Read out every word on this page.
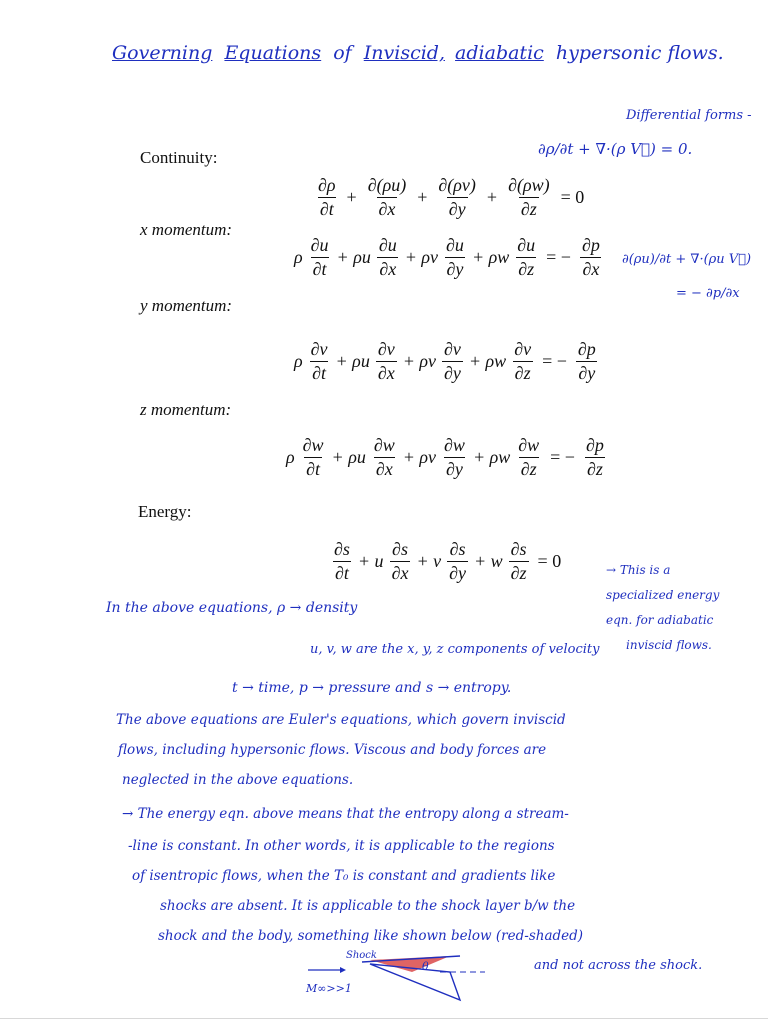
Governing Equations of Inviscid, adiabatic hypersonic flows.
Differential forms -
∂ρ/∂t + ∇·(ρ V⃗) = 0.
∂(ρu)/∂t + ∇·(ρu V⃗)
= − ∂p/∂x
Continuity:
$\frac{\partial\rho}{\partial t} + \frac{\partial(\rho u)}{\partial x} + \frac{\partial(\rho v)}{\partial y} + \frac{\partial(\rho w)}{\partial z} = 0$
x momentum:
ρ $\frac{\partial u}{\partial t} + \rho u \frac{\partial u}{\partial x} + \rho v \frac{\partial u}{\partial y} + \rho w \frac{\partial u}{\partial z}$ = − $\frac{\partial p}{\partial x}$
y momentum:
ρ $\frac{\partial v}{\partial t} + \rho u \frac{\partial v}{\partial x} + \rho v \frac{\partial v}{\partial y} + \rho w \frac{\partial v}{\partial z}$ = − $\frac{\partial p}{\partial y}$
z momentum:
ρ $\frac{\partial w}{\partial t} + \rho u \frac{\partial w}{\partial x} + \rho v \frac{\partial w}{\partial y} + \rho w \frac{\partial w}{\partial z}$ = − $\frac{\partial p}{\partial z}$
Energy:
$\frac{\partial s}{\partial t} + u \frac{\partial s}{\partial x} + v \frac{\partial s}{\partial y} + w \frac{\partial s}{\partial z} = 0$	→ This is a
specialized energy
eqn. for adiabatic
inviscid flows.
In the above equations, ρ → density
u, v, w are the x, y, z components of velocity
t → time, p → pressure and s → entropy.
The above equations are Euler's equations, which govern inviscid
flows, including hypersonic flows. Viscous and body forces are
neglected in the above equations.
→ The energy eqn. above means that the entropy along a stream-
-line is constant. In other words, it is applicable to the regions
of isentropic flows, when the T₀ is constant and gradients like
shocks are absent. It is applicable to the shock layer b/w the
shock and the body, something like shown below (red-shaded)
and not across the shock.
Shock
θ
M∞>>1
